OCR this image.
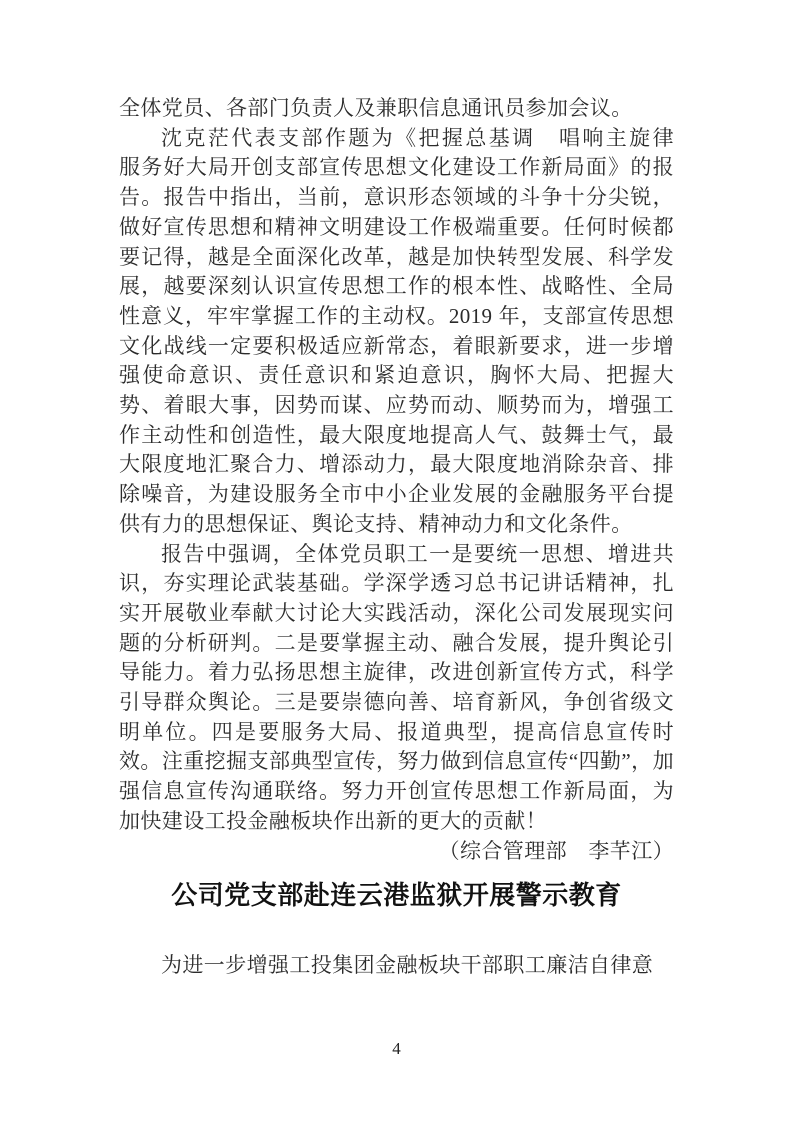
全体党员、各部门负责人及兼职信息通讯员参加会议。

沈克茫代表支部作题为《把握总基调　唱响主旋律　服务好大局开创支部宣传思想文化建设工作新局面》的报告。报告中指出，当前，意识形态领域的斗争十分尖锐，做好宣传思想和精神文明建设工作极端重要。任何时候都要记得，越是全面深化改革，越是加快转型发展、科学发展，越要深刻认识宣传思想工作的根本性、战略性、全局性意义，牢牢掌握工作的主动权。2019 年，支部宣传思想文化战线一定要积极适应新常态，着眼新要求，进一步增强使命意识、责任意识和紧迫意识，胸怀大局、把握大势、着眼大事，因势而谋、应势而动、顺势而为，增强工作主动性和创造性，最大限度地提高人气、鼓舞士气，最大限度地汇聚合力、增添动力，最大限度地消除杂音、排除噪音，为建设服务全市中小企业发展的金融服务平台提供有力的思想保证、舆论支持、精神动力和文化条件。

报告中强调，全体党员职工一是要统一思想、增进共识，夯实理论武装基础。学深学透习总书记讲话精神，扎实开展敬业奉献大讨论大实践活动，深化公司发展现实问题的分析研判。二是要掌握主动、融合发展，提升舆论引导能力。着力弘扬思想主旋律，改进创新宣传方式，科学引导群众舆论。三是要崇德向善、培育新风，争创省级文明单位。四是要服务大局、报道典型，提高信息宣传时效。注重挖掘支部典型宣传，努力做到信息宣传“四勤”，加强信息宣传沟通联络。努力开创宣传思想工作新局面，为加快建设工投金融板块作出新的更大的贡献！
（综合管理部　李芊江）

公司党支部赴连云港监狱开展警示教育

为进一步增强工投集团金融板块干部职工廉洁自律意

4
